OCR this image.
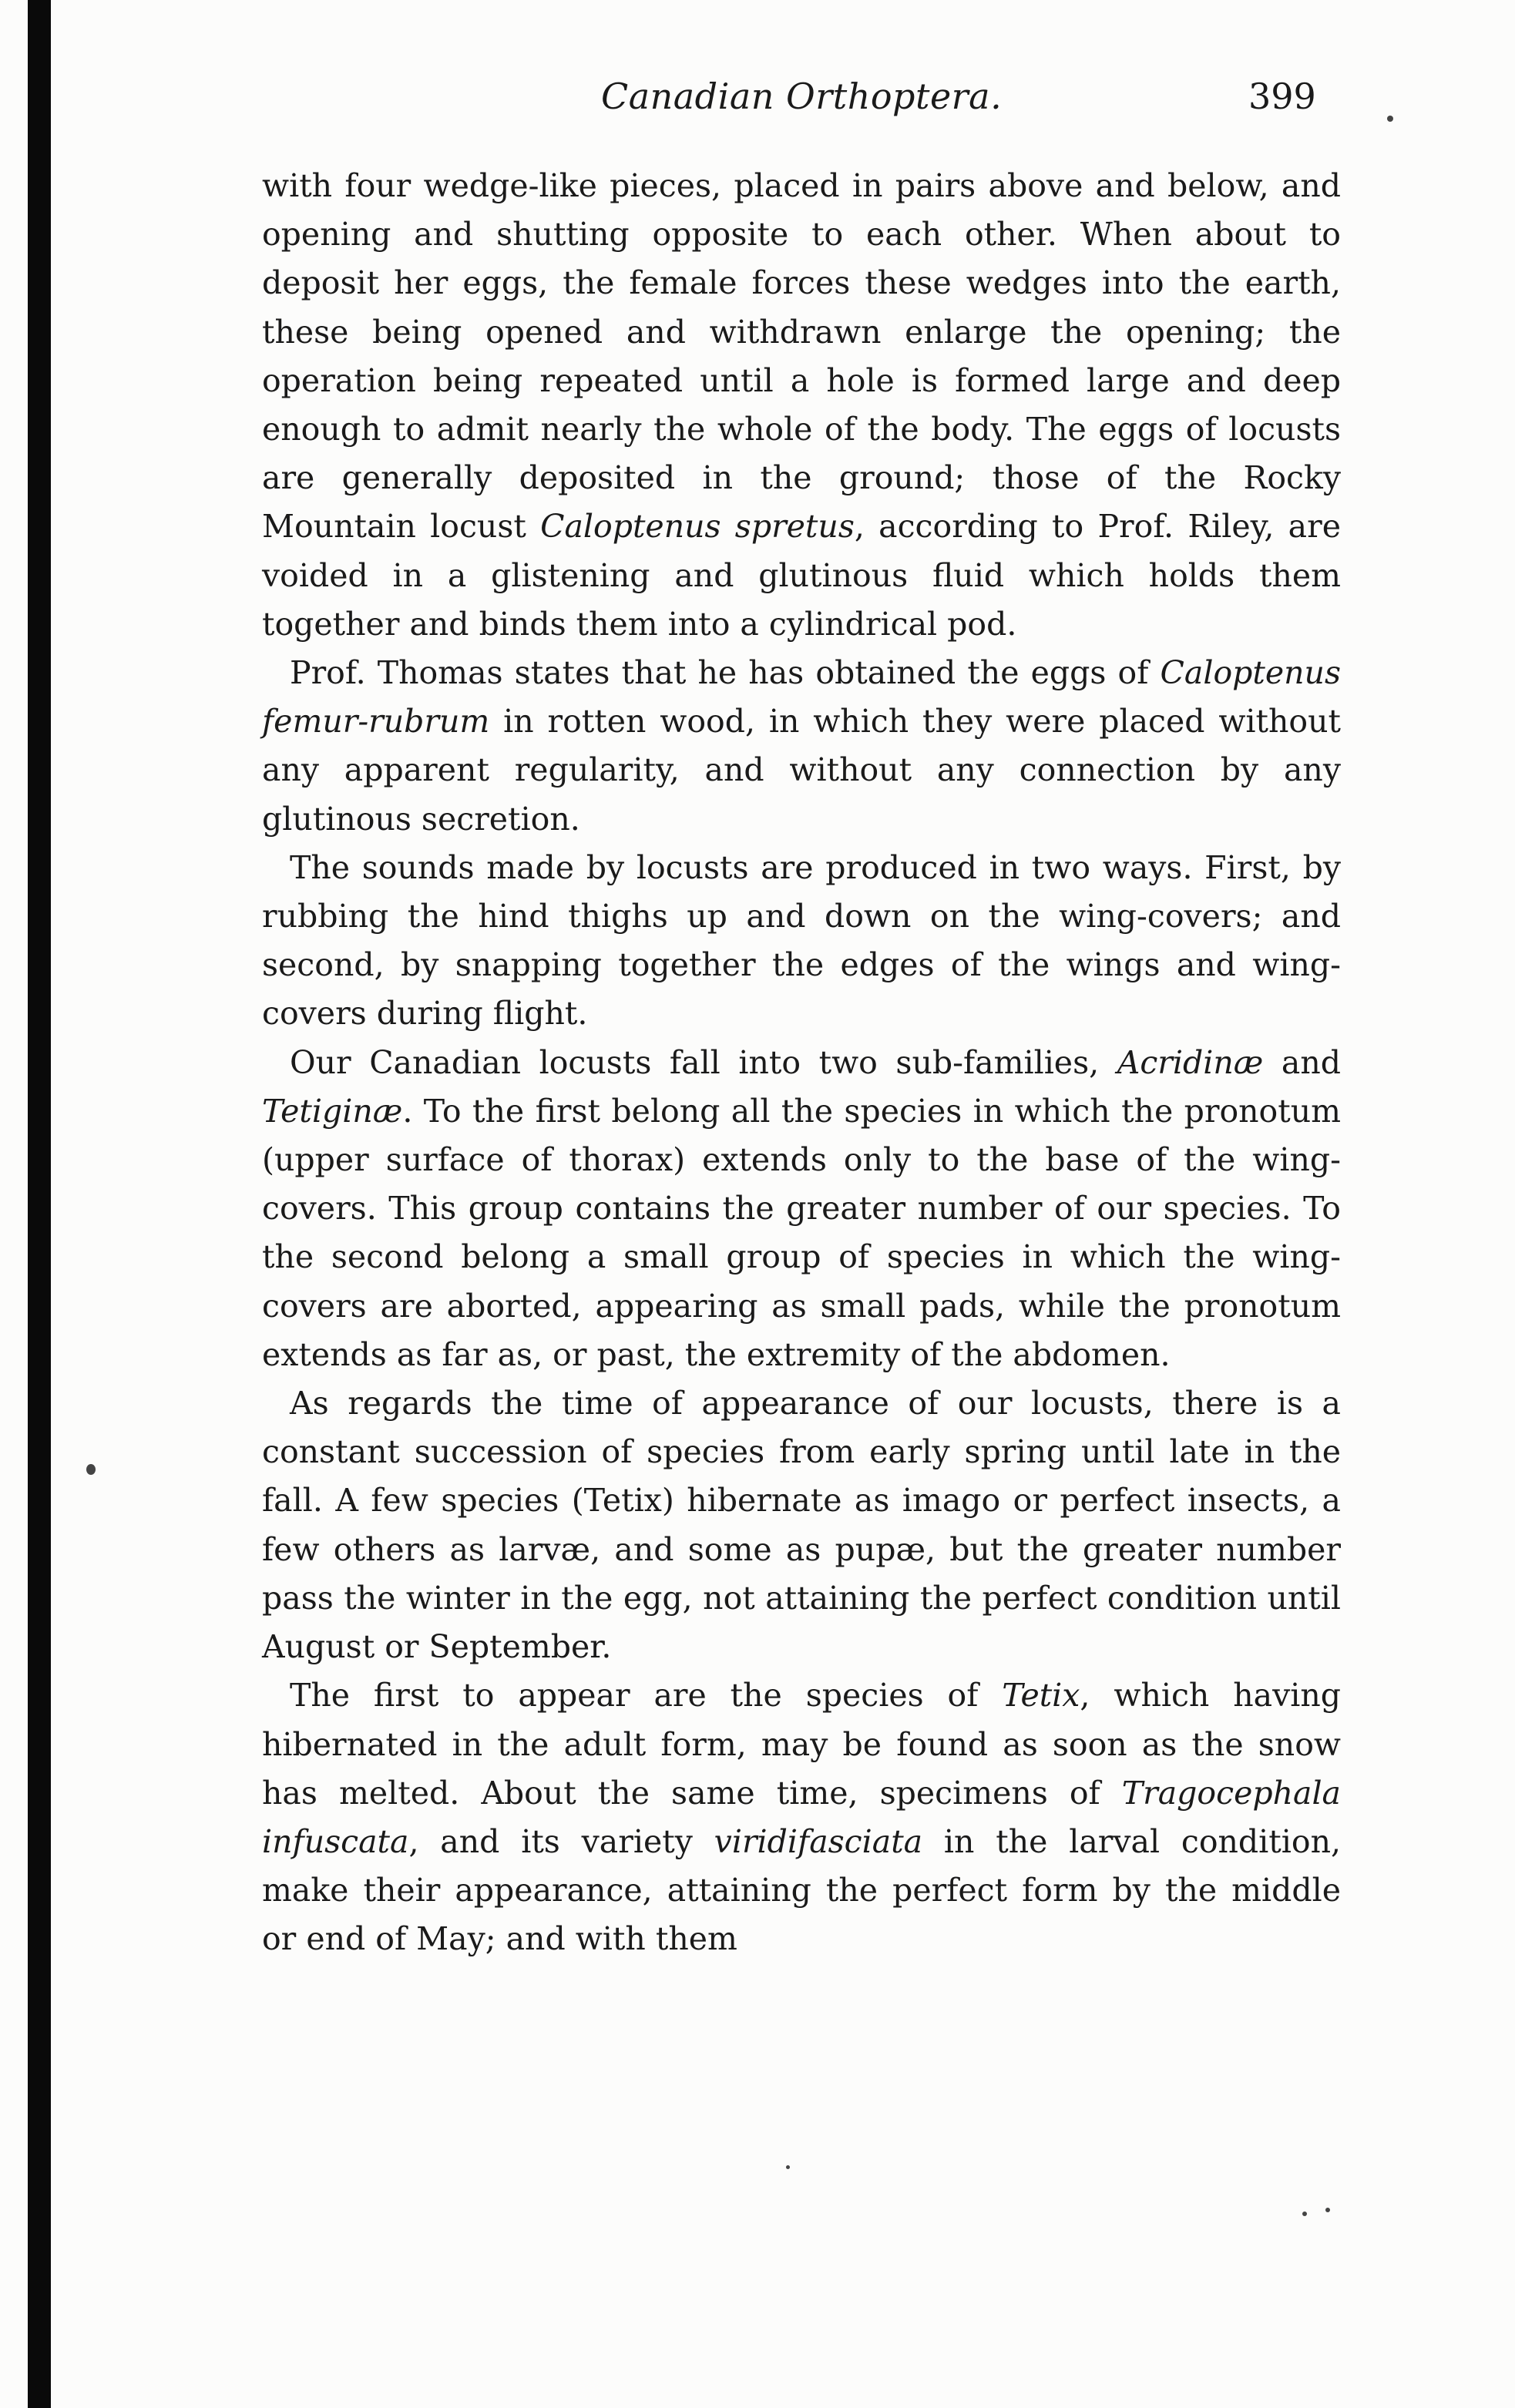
Canadian Orthoptera.	399

with four wedge-like pieces, placed in pairs above and below, and opening and shutting opposite to each other. When about to deposit her eggs, the female forces these wedges into the earth, these being opened and withdrawn enlarge the opening; the operation being repeated until a hole is formed large and deep enough to admit nearly the whole of the body. The eggs of locusts are generally deposited in the ground; those of the Rocky Mountain locust Caloptenus spretus, according to Prof. Riley, are voided in a glistening and glutinous fluid which holds them together and binds them into a cylindrical pod.

Prof. Thomas states that he has obtained the eggs of Caloptenus femur-rubrum in rotten wood, in which they were placed without any apparent regularity, and without any connection by any glutinous secretion.

The sounds made by locusts are produced in two ways. First, by rubbing the hind thighs up and down on the wing-covers; and second, by snapping together the edges of the wings and wing-covers during flight.

Our Canadian locusts fall into two sub-families, Acridinæ and Tetiginæ. To the first belong all the species in which the pronotum (upper surface of thorax) extends only to the base of the wing-covers. This group contains the greater number of our species. To the second belong a small group of species in which the wing-covers are aborted, appearing as small pads, while the pronotum extends as far as, or past, the extremity of the abdomen.

As regards the time of appearance of our locusts, there is a constant succession of species from early spring until late in the fall. A few species (Tetix) hibernate as imago or perfect insects, a few others as larvæ, and some as pupæ, but the greater number pass the winter in the egg, not attaining the perfect condition until August or September.

The first to appear are the species of Tetix, which having hibernated in the adult form, may be found as soon as the snow has melted. About the same time, specimens of Tragocephala infuscata, and its variety viridifasciata in the larval condition, make their appearance, attaining the perfect form by the middle or end of May; and with them
